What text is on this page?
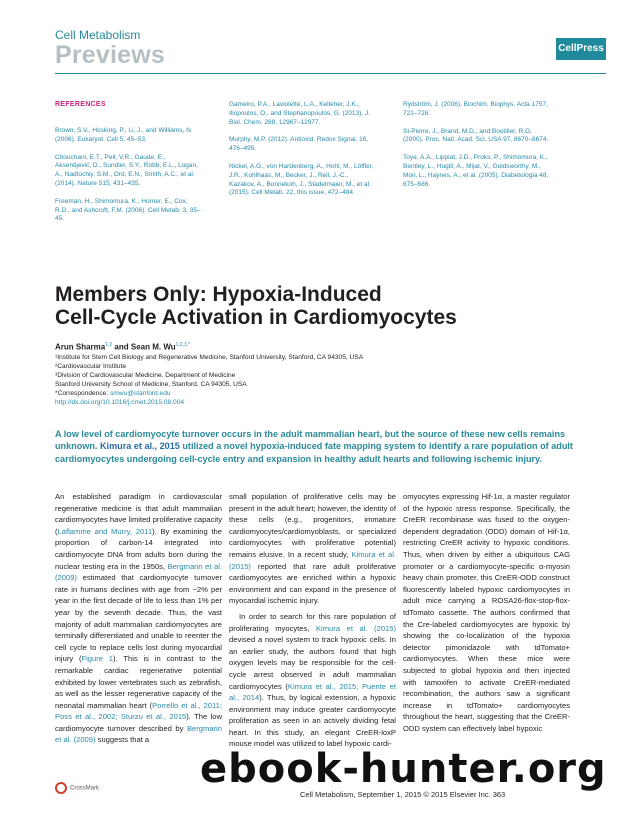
Cell Metabolism
Previews	CellPress
REFERENCES

Brown, S.V., Hosking, P., Li, J., and Williams, N. (2006). Eukaryot. Cell 5, 45–53.

Chouchani, E.T., Pell, V.R., Gaude, E., Aksentijević, D., Sundier, S.Y., Robb, E.L., Logan, A., Nadtochiy, S.M., Ord, E.N., Smith, A.C., et al. (2014). Nature 515, 431–435.

Freeman, H., Shimomura, K., Horner, E., Cox, R.D., and Ashcroft, F.M. (2006). Cell Metab. 3, 35–45.

Gameiro, P.A., Laviolette, L.A., Kelleher, J.K., Iliopoulos, O., and Stephanopoulos, G. (2013). J. Biol. Chem. 288, 12967–12977.

Murphy, M.P. (2012). Antioxid. Redox Signal. 16, 476–495.

Nickel, A.G., von Hardenberg, A., Hohl, M., Löffler, J.R., Kohlhaas, M., Becker, J., Reil, J.-C., Kazakov, A., Bonnekoh, J., Stadelmaier, M., et al. (2015). Cell Metab. 22, this issue, 472–484.

Rydström, J. (2006). Biochim. Biophys. Acta 1757, 721–726.

St-Pierre, J., Brand, M.D., and Boutilier, R.G. (2000). Proc. Natl. Acad. Sci. USA 97, 8670–8674.

Toye, A.A., Lippiat, J.D., Proks, P., Shimomura, K., Bentley, L., Hugill, A., Mijat, V., Goldsworthy, M., Moir, L., Haynes, A., et al. (2005). Diabetologia 48, 675–686.

Members Only: Hypoxia-Induced
Cell-Cycle Activation in Cardiomyocytes
Arun Sharma$^{1,2}$ and Sean M. $Wu^{1,2,3,*}$
¹Institute for Stem Cell Biology and Regenerative Medicine, Stanford University, Stanford, CA 94305, USA
²Cardiovascular Institute
³Division of Cardiovascular Medicine, Department of Medicine
Stanford University School of Medicine, Stanford, CA 94305, USA
*Correspondence: smwu@stanford.edu
http://dx.doi.org/10.1016/j.cmet.2015.08.004
A low level of cardiomyocyte turnover occurs in the adult mammalian heart, but the source of these new cells remains unknown. Kimura et al., 2015 utilized a novel hypoxia-induced fate mapping system to identify a rare population of adult cardiomyocytes undergoing cell-cycle entry and expansion in healthy adult hearts and following ischemic injury.

An established paradigm in cardiovascular regenerative medicine is that adult mammalian cardiomyocytes have limited proliferative capacity (Laflamme and Murry, 2011). By examining the proportion of carbon-14 integrated into cardiomyocyte DNA from adults born during the nuclear testing era in the 1950s, Bergmann et al. (2009) estimated that cardiomyocyte turnover rate in humans declines with age from ~2% per year in the first decade of life to less than 1% per year by the seventh decade. Thus, the vast majority of adult mammalian cardiomyocytes are terminally differentiated and unable to reenter the cell cycle to replace cells lost during myocardial injury (Figure 1). This is in contrast to the remarkable cardiac regenerative potential exhibited by lower vertebrates such as zebrafish, as well as the lesser regenerative capacity of the neonatal mammalian heart (Porrello et al., 2011; Poss et al., 2002; Sturzu et al., 2015). The low cardiomyocyte turnover described by Bergmann et al. (2009) suggests that a

small population of proliferative cells may be present in the adult heart; however, the identity of these cells (e.g., progenitors, immature cardiomyocytes/cardiomyoblasts, or specialized cardiomyocytes with proliferative potential) remains elusive. In a recent study, Kimura et al. (2015) reported that rare adult proliferative cardiomyocytes are enriched within a hypoxic environment and can expand in the presence of myocardial ischemic injury.

In order to search for this rare population of proliferating myocytes, Kimura et al. (2015) devised a novel system to track hypoxic cells. In an earlier study, the authors found that high oxygen levels may be responsible for the cell-cycle arrest observed in adult mammalian cardiomyocytes (Kimura et al., 2015; Puente et al., 2014). Thus, by logical extension, a hypoxic environment may induce greater cardiomyocyte proliferation as seen in an actively dividing fetal heart. In this study, an elegant CreER-loxP mouse model was utilized to label hypoxic cardi-

omyocytes expressing Hif-1α, a master regulator of the hypoxic stress response. Specifically, the CreER recombinase was fused to the oxygen-dependent degradation (ODD) domain of Hif-1α, restricting CreER activity to hypoxic conditions. Thus, when driven by either a ubiquitous CAG promoter or a cardiomyocyte-specific α-myosin heavy chain promoter, this CreER-ODD construct fluorescently labeled hypoxic cardiomyocytes in adult mice carrying a ROSA26-flox-stop-flox-tdTomato cassette. The authors confirmed that the Cre-labeled cardiomyocytes are hypoxic by showing the co-localization of the hypoxia detector pimonidazole with tdTomato+ cardiomyocytes. When these mice were subjected to global hypoxia and then injected with tamoxifen to activate CreER-mediated recombination, the authors saw a significant increase in tdTomato+ cardiomyocytes throughout the heart, suggesting that the CreER-ODD system can effectively label hypoxic

CrossMark
Cell Metabolism, September 1, 2015 © 2015 Elsevier Inc. 363
ebook-hunter.org
